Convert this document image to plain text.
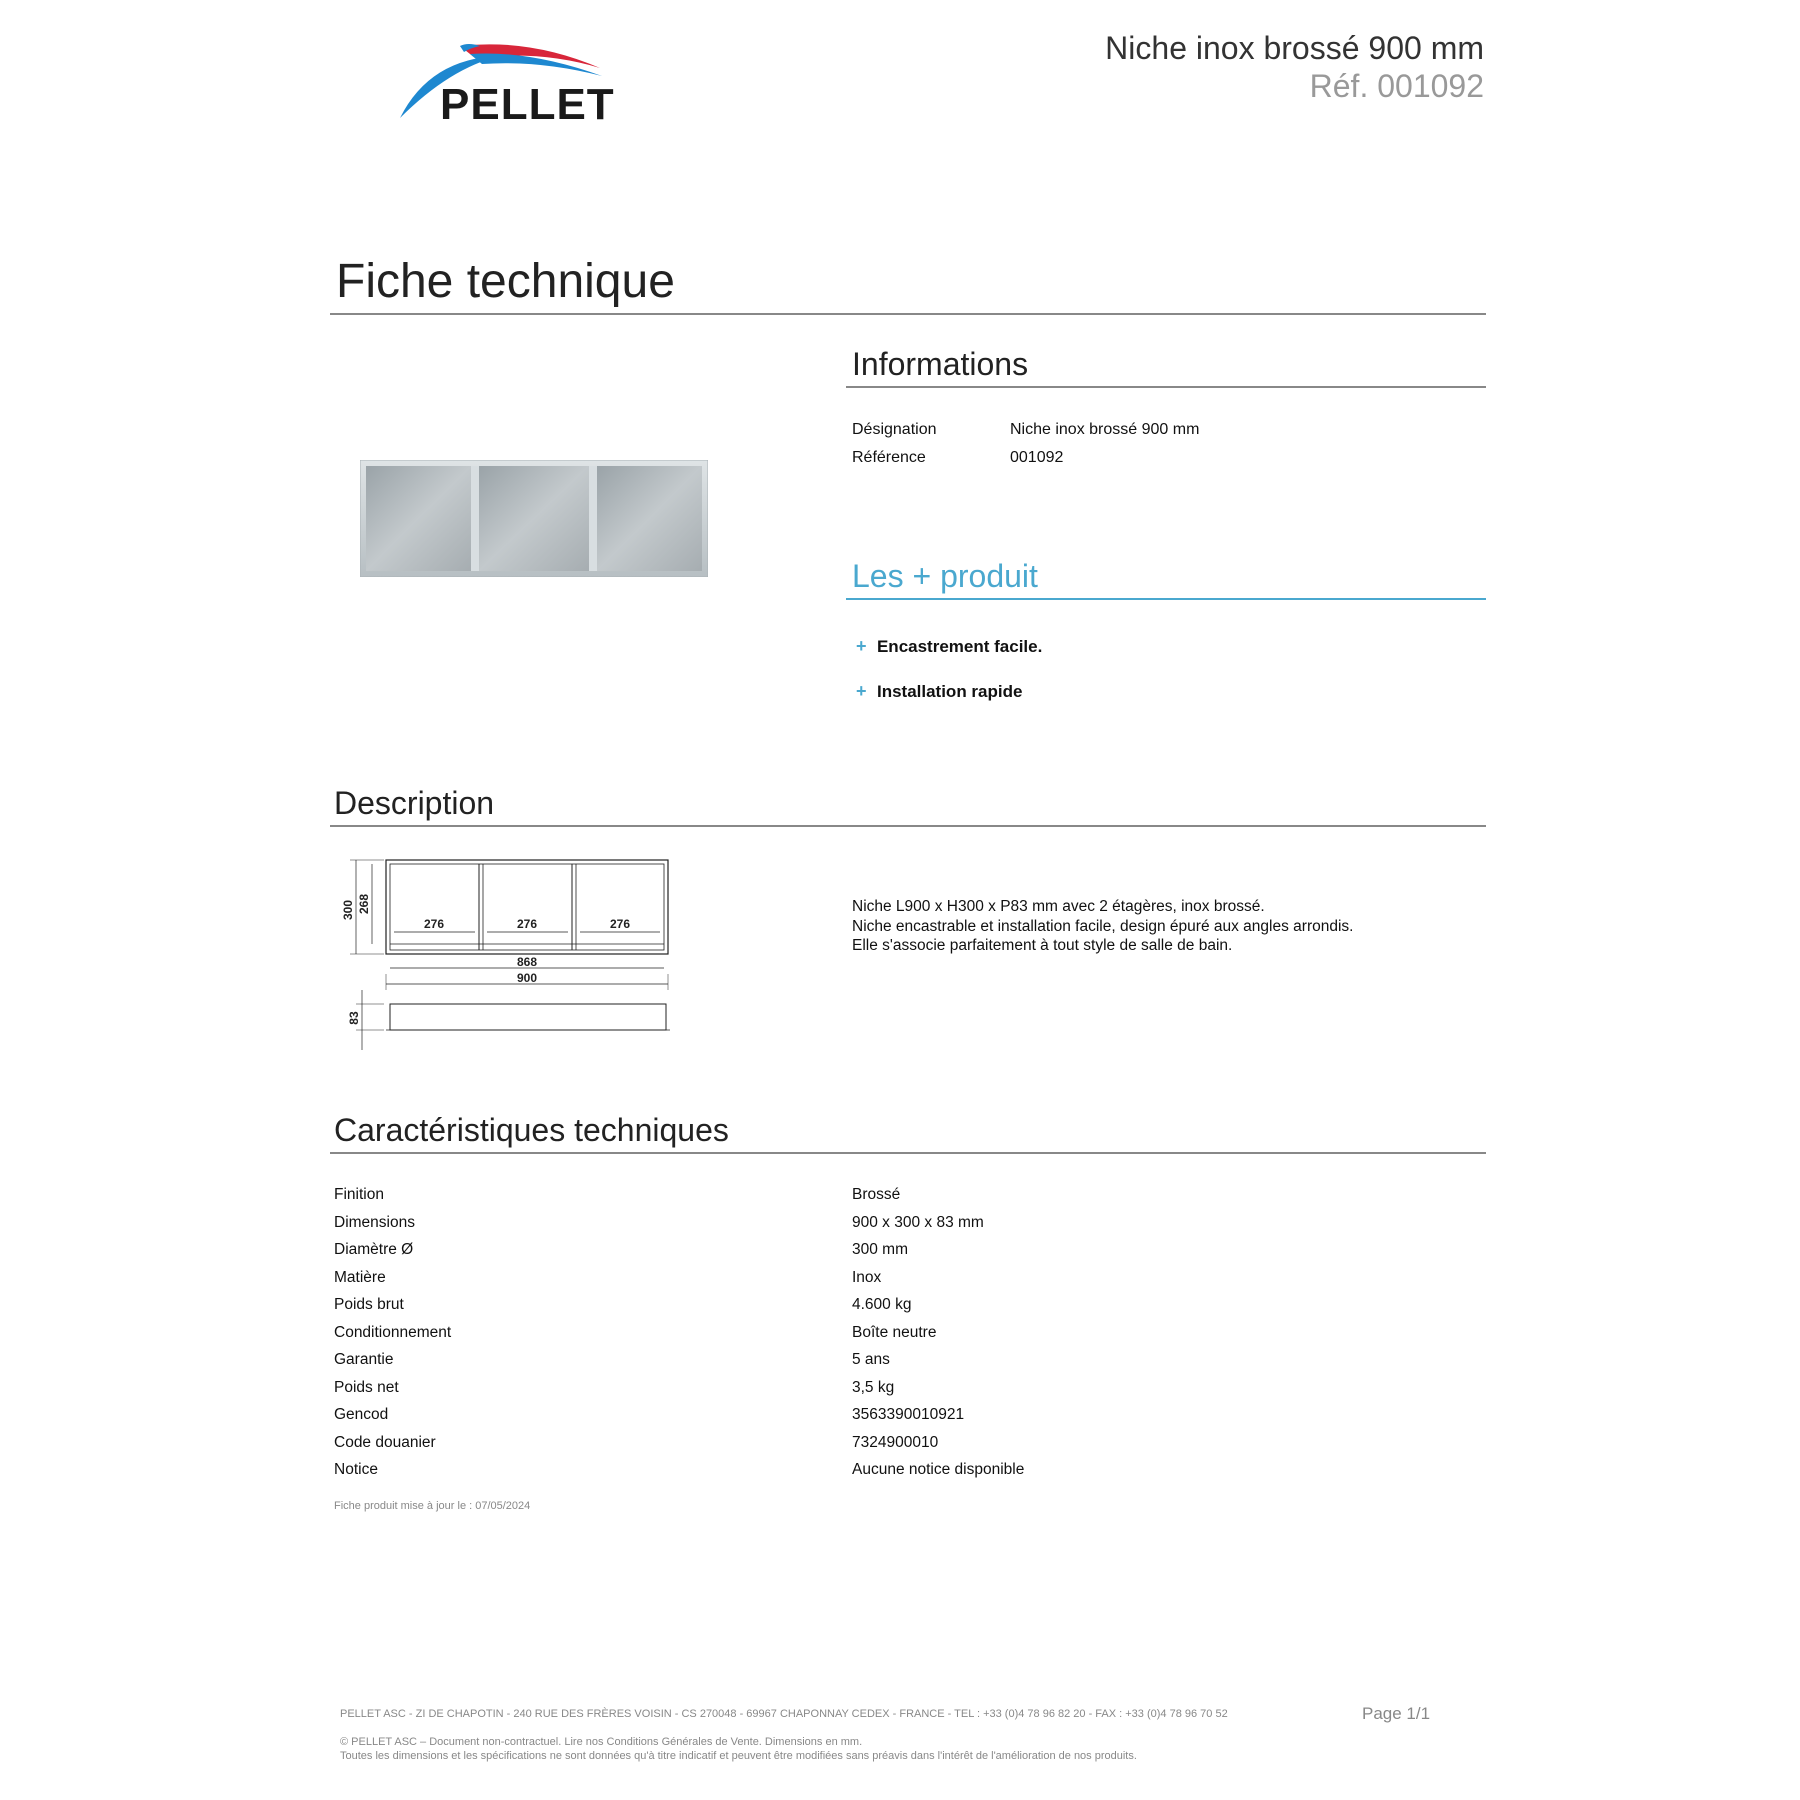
PELLET
Niche inox brossé 900 mm
Réf. 001092
Fiche technique
Informations
Désignation	Niche inox brossé 900 mm
Référence	001092
Les + produit
+ Encastrement facile.
+ Installation rapide
Description
276	276	276
868
900
300 268
83

Niche L900 x H300 x P83 mm avec 2 étagères, inox brossé.

Niche encastrable et installation facile, design épuré aux angles arrondis.

Elle s'associe parfaitement à tout style de salle de bain.

Caractéristiques techniques
Finition	Brossé
Dimensions	900 x 300 x 83 mm
Diamètre Ø	300 mm
Matière	Inox
Poids brut	4.600 kg
Conditionnement	Boîte neutre
Garantie	5 ans
Poids net	3,5 kg
Gencod	3563390010921
Code douanier	7324900010
Notice	Aucune notice disponible
Fiche produit mise à jour le : 07/05/2024
PELLET ASC - ZI DE CHAPOTIN - 240 RUE DES FRÈRES VOISIN - CS 270048 - 69967 CHAPONNAY CEDEX - FRANCE - TEL : +33 (0)4 78 96 82 20 - FAX : +33 (0)4 78 96 70 52	Page 1/1
© PELLET ASC – Document non-contractuel. Lire nos Conditions Générales de Vente. Dimensions en mm.
Toutes les dimensions et les spécifications ne sont données qu'à titre indicatif et peuvent être modifiées sans préavis dans l'intérêt de l'amélioration de nos produits.
